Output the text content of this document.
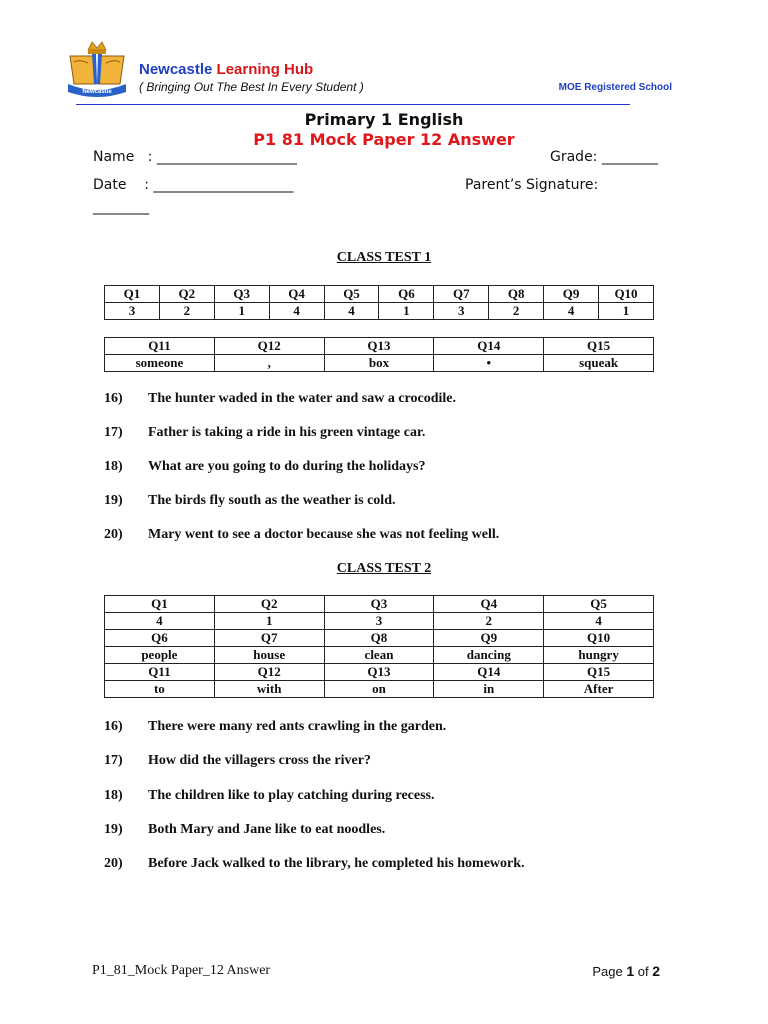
Newcastle
Newcastle Learning Hub
( Bringing Out The Best In Every Student )	MOE Registered School
Primary 1 English
P1 81 Mock Paper 12 Answer
Name   : ____________________	Grade: ________
Date    : ____________________	Parent’s Signature:
________
CLASS TEST 1
Q1	Q2	Q3	Q4	Q5	Q6	Q7	Q8	Q9	Q10
3	2	1	4	4	1	3	2	4	1
Q11	Q12	Q13	Q14	Q15
someone	,	box	•	squeak
16) The hunter waded in the water and saw a crocodile.
17) Father is taking a ride in his green vintage car.
18) What are you going to do during the holidays?
19) The birds fly south as the weather is cold.
20) Mary went to see a doctor because she was not feeling well.
CLASS TEST 2
Q1	Q2	Q3	Q4	Q5
4	1	3	2	4
Q6	Q7	Q8	Q9	Q10
people	house	clean	dancing	hungry
Q11	Q12	Q13	Q14	Q15
to	with	on	in	After
16) There were many red ants crawling in the garden.
17) How did the villagers cross the river?
18) The children like to play catching during recess.
19) Both Mary and Jane like to eat noodles.
20) Before Jack walked to the library, he completed his homework.
P1_81_Mock Paper_12 Answer	Page 1 of 2
